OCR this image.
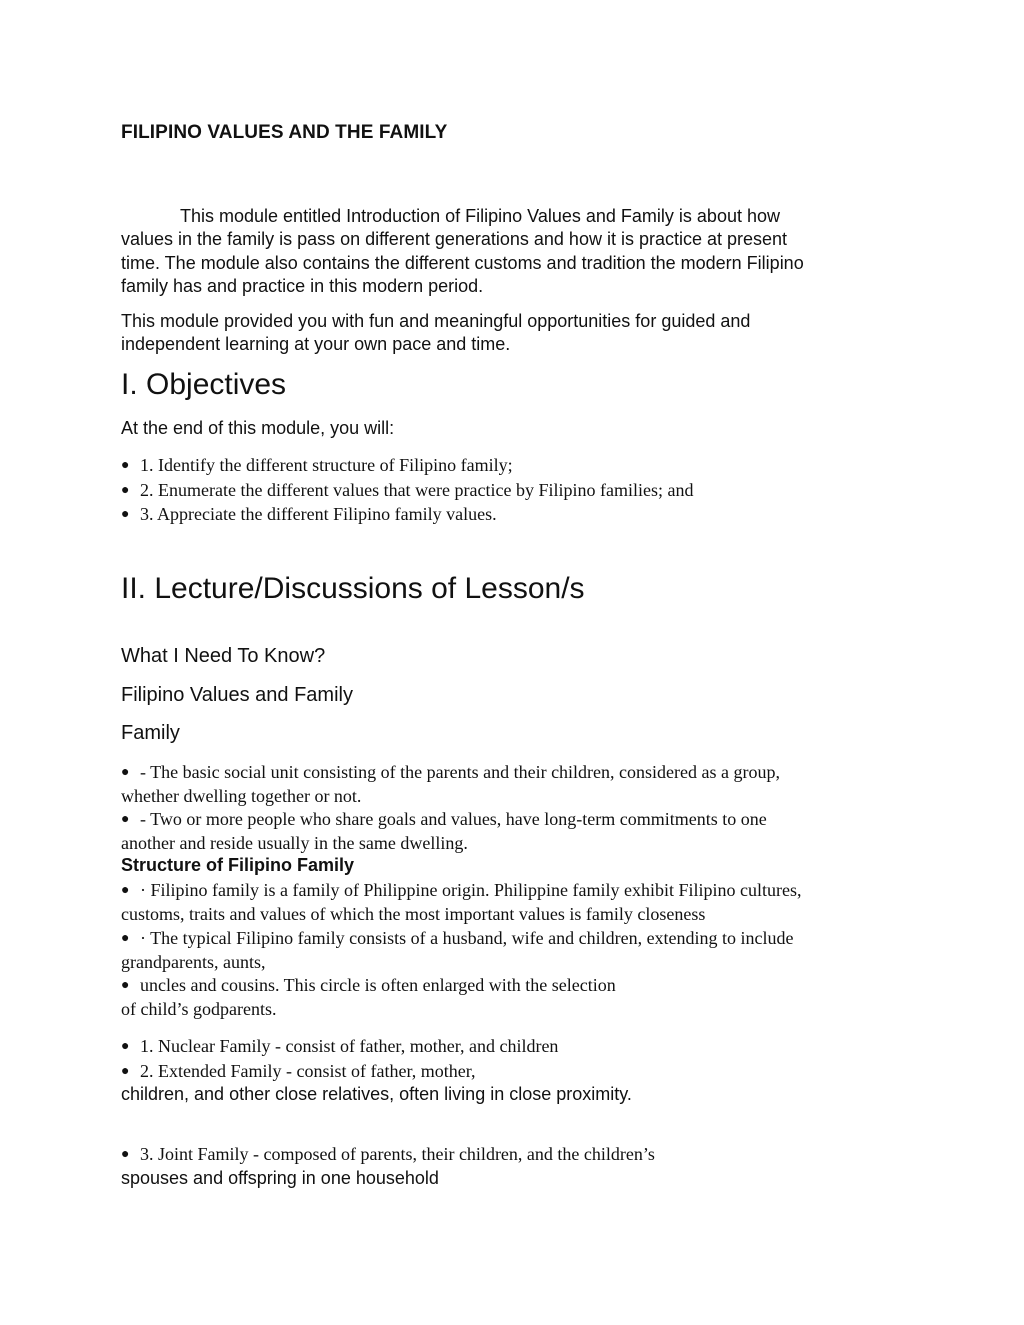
FILIPINO VALUES AND THE FAMILY
This module entitled Introduction of Filipino Values and Family is about how
values in the family is pass on different generations and how it is practice at present
time. The module also contains the different customs and tradition the modern Filipino
family has and practice in this modern period.
This module provided you with fun and meaningful opportunities for guided and
independent learning at your own pace and time.
I. Objectives

At the end of this module, you will:

● 1. Identify the different structure of Filipino family;
● 2. Enumerate the different values that were practice by Filipino families; and
● 3. Appreciate the different Filipino family values.
II. Lecture/Discussions of Lesson/s
What I Need To Know?
Filipino Values and Family
Family
● - The basic social unit consisting of the parents and their children, considered as a group,
whether dwelling together or not.
● - Two or more people who share goals and values, have long-term commitments to one
another and reside usually in the same dwelling.

Structure of Filipino Family

● · Filipino family is a family of Philippine origin. Philippine family exhibit Filipino cultures,
customs, traits and values of which the most important values is family closeness
● · The typical Filipino family consists of a husband, wife and children, extending to include
grandparents, aunts,
● uncles and cousins. This circle is often enlarged with the selection
of child’s godparents.
● 1. Nuclear Family - consist of father, mother, and children
● 2. Extended Family - consist of father, mother,
children, and other close relatives, often living in close proximity.
● 3. Joint Family - composed of parents, their children, and the children’s
spouses and offspring in one household
